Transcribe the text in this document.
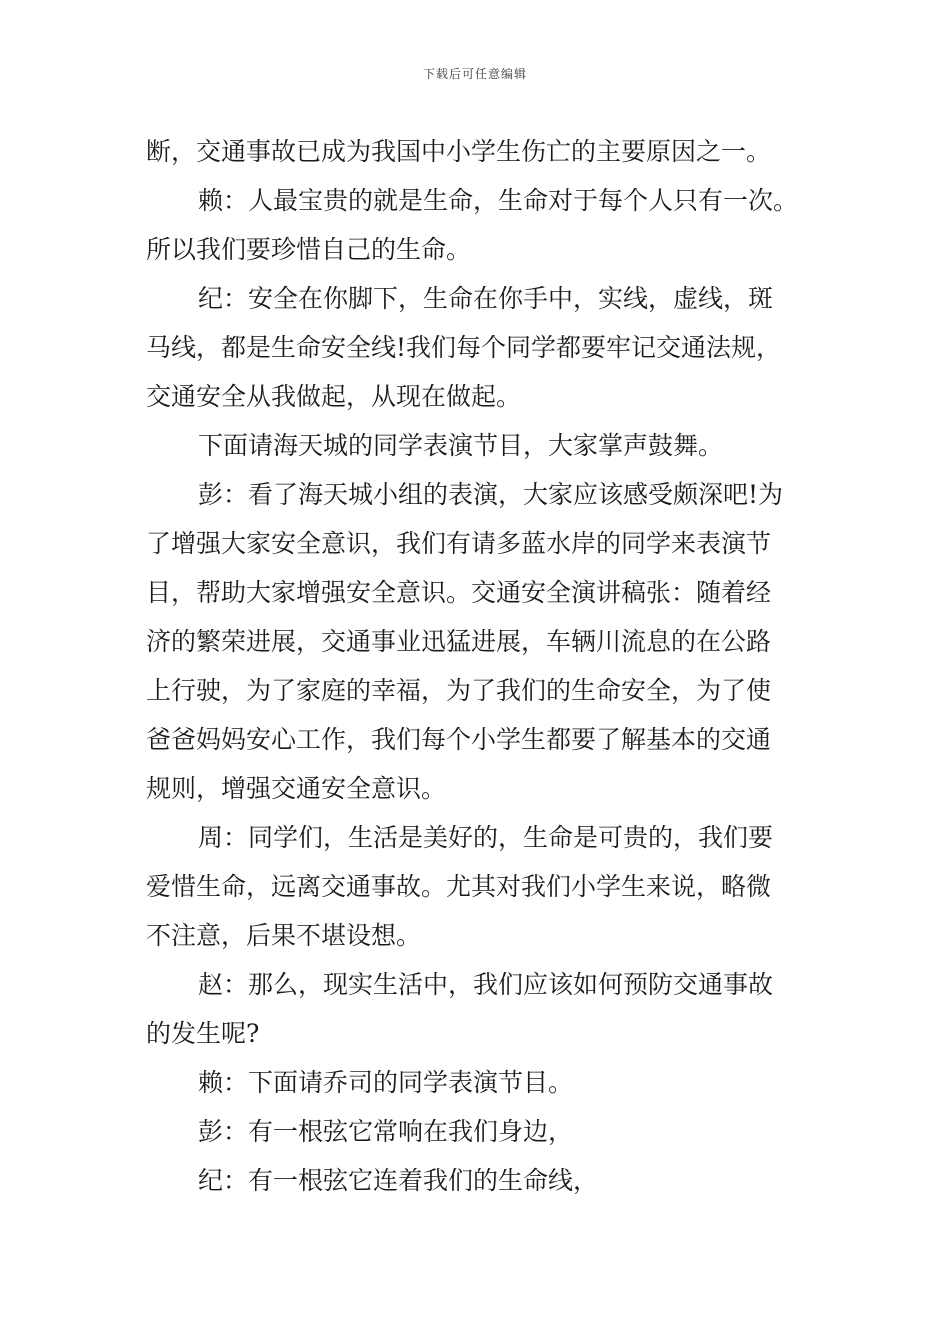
下载后可任意编辑

断，交通事故已成为我国中小学生伤亡的主要原因之一。

赖：人最宝贵的就是生命，生命对于每个人只有一次。
所以我们要珍惜自己的生命。

纪：安全在你脚下，生命在你手中，实线，虚线，斑
马线，都是生命安全线!我们每个同学都要牢记交通法规，
交通安全从我做起，从现在做起。

下面请海天城的同学表演节目，大家掌声鼓舞。

彭：看了海天城小组的表演，大家应该感受颇深吧!为
了增强大家安全意识，我们有请多蓝水岸的同学来表演节
目，帮助大家增强安全意识。交通安全演讲稿张：随着经
济的繁荣进展，交通事业迅猛进展，车辆川流息的在公路
上行驶，为了家庭的幸福，为了我们的生命安全，为了使
爸爸妈妈安心工作，我们每个小学生都要了解基本的交通
规则，增强交通安全意识。

周：同学们，生活是美好的，生命是可贵的，我们要
爱惜生命，远离交通事故。尤其对我们小学生来说，略微
不注意，后果不堪设想。

赵：那么，现实生活中，我们应该如何预防交通事故
的发生呢?

赖：下面请乔司的同学表演节目。

彭：有一根弦它常响在我们身边，

纪：有一根弦它连着我们的生命线，
